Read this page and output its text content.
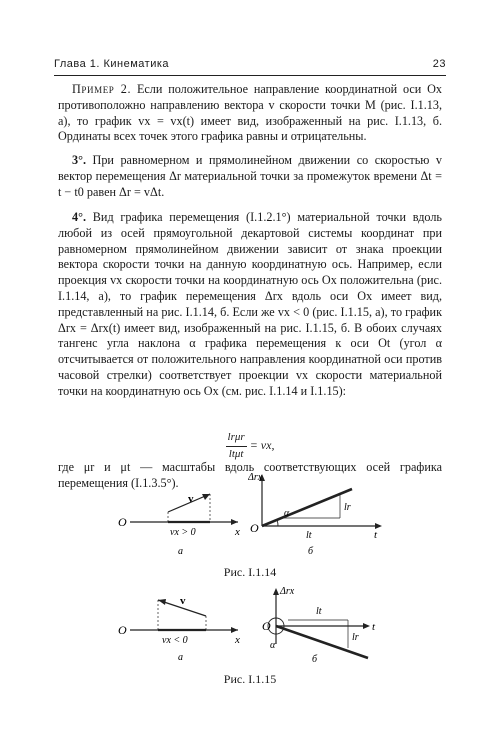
Глава 1. Кинематика	23

Пример 2. Если положительное направление координатной оси Ox противоположно направлению вектора v скорости точки M (рис. I.1.13, a), то график vx = vx(t) имеет вид, изображенный на рис. I.1.13, б. Ординаты всех точек этого графика равны и отрицательны.

3°. При равномерном и прямолинейном движении со скоростью v вектор перемещения Δr материальной точки за промежуток времени Δt = t − t0 равен Δr = vΔt.

4°. Вид графика перемещения (I.1.2.1°) материальной точки вдоль любой из осей прямоугольной декартовой системы координат при равномерном прямолинейном движении зависит от знака проекции вектора скорости точки на данную координатную ось. Например, если проекция vx скорости точки на координатную ось Ox положительна (рис. I.1.14, a), то график перемещения Δrx вдоль оси Ox имеет вид, представленный на рис. I.1.14, б. Если же vx < 0 (рис. I.1.15, a), то график Δrx = Δrx(t) имеет вид, изображенный на рис. I.1.15, б. В обоих случаях тангенс угла наклона α графика перемещения к оси Ot (угол α отсчитывается от положительного направления координатной оси против часовой стрелки) соответствует проекции vx скорости материальной точки на координатную ось Ox (см. рис. I.1.14 и I.1.15):

$\frac{\text{lrμr}}{\text{ltμt}}$ = vx,

где μr и μt — масштабы вдоль соответствующих осей графика перемещения (I.1.3.5°).

O
v
vx > 0	x
а
Δrx
O
α
lr
lt	t
б
Рис. I.1.14
O
v
vx < 0	x
а
Δrx
O
α
lt
lr
t
б
Рис. I.1.15
